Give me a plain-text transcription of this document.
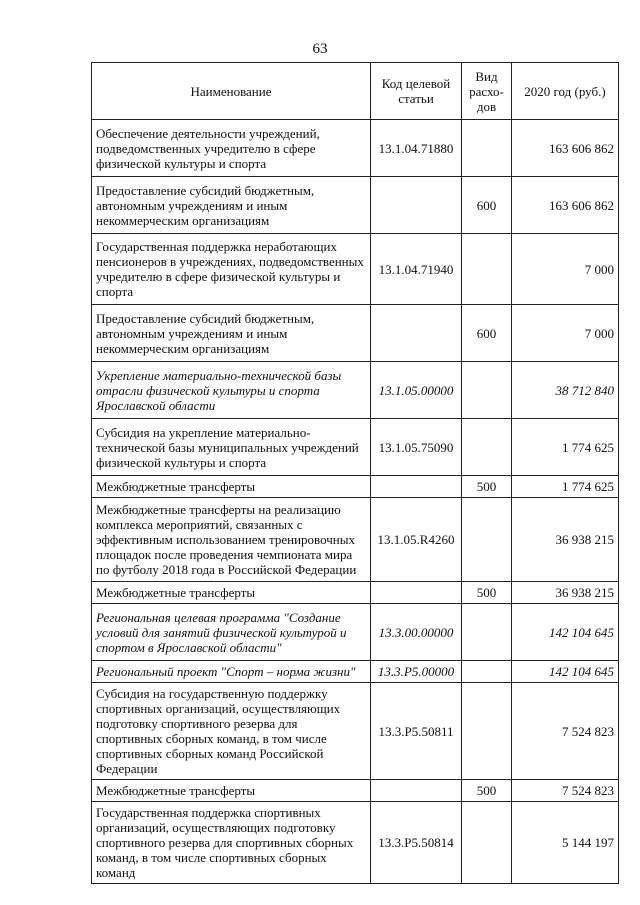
63
Наименование	Код целевой статьи	Вид расхо-дов	2020 год (руб.)
Обеспечение деятельности учреждений, подведомственных учредителю в сфере физической культуры и спорта	13.1.04.71880		163 606 862
Предоставление субсидий бюджетным, автономным учреждениям и иным некоммерческим организациям		600	163 606 862
Государственная поддержка неработающих пенсионеров в учреждениях, подведомственных учредителю в сфере физической культуры и спорта	13.1.04.71940		7 000
Предоставление субсидий бюджетным, автономным учреждениям и иным некоммерческим организациям		600	7 000
Укрепление материально-технической базы отрасли физической культуры и спорта Ярославской области	13.1.05.00000		38 712 840
Субсидия на укрепление материально-технической базы муниципальных учреждений физической культуры и спорта	13.1.05.75090		1 774 625
Межбюджетные трансферты		500	1 774 625
Межбюджетные трансферты на реализацию комплекса мероприятий, связанных с эффективным использованием тренировочных площадок после проведения чемпионата мира по футболу 2018 года в Российской Федерации	13.1.05.R4260		36 938 215
Межбюджетные трансферты		500	36 938 215
Региональная целевая программа "Создание условий для занятий физической культурой и спортом в Ярославской области"	13.3.00.00000		142 104 645
Региональный проект "Спорт – норма жизни"	13.3.P5.00000		142 104 645
Субсидия на государственную поддержку спортивных организаций, осуществляющих подготовку спортивного резерва для спортивных сборных команд, в том числе спортивных сборных команд Российской Федерации	13.3.P5.50811		7 524 823
Межбюджетные трансферты		500	7 524 823
Государственная поддержка спортивных организаций, осуществляющих подготовку спортивного резерва для спортивных сборных команд, в том числе спортивных сборных команд	13.3.P5.50814		5 144 197
